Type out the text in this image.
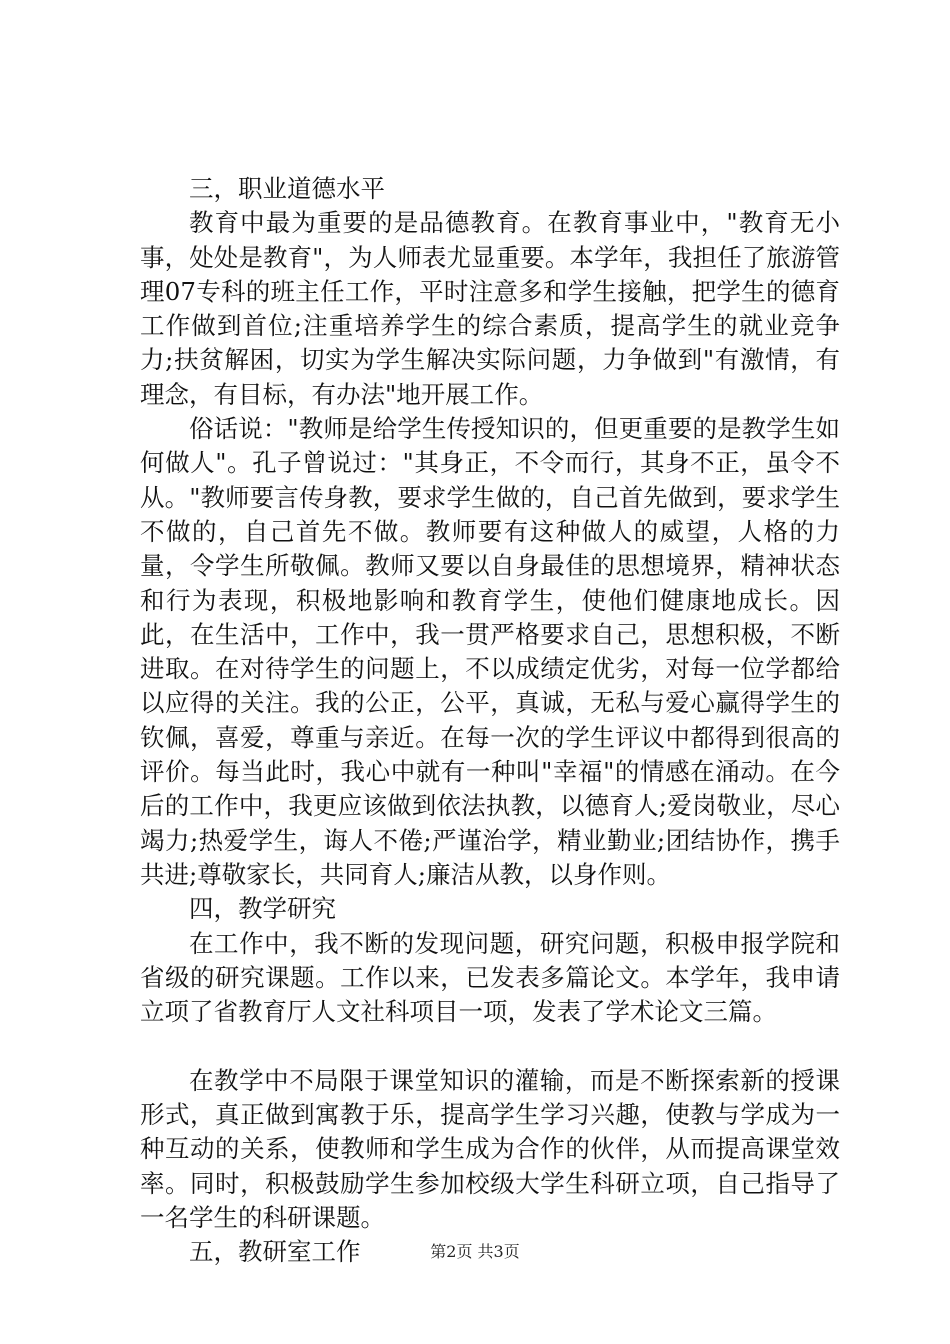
三，职业道德水平

教育中最为重要的是品德教育。在教育事业中，"教育无小事，处处是教育"，为人师表尤显重要。本学年，我担任了旅游管理07专科的班主任工作，平时注意多和学生接触，把学生的德育工作做到首位;注重培养学生的综合素质，提高学生的就业竞争力;扶贫解困，切实为学生解决实际问题，力争做到"有激情，有理念，有目标，有办法"地开展工作。

俗话说："教师是给学生传授知识的，但更重要的是教学生如何做人"。孔子曾说过："其身正，不令而行，其身不正，虽令不从。"教师要言传身教，要求学生做的，自己首先做到，要求学生不做的，自己首先不做。教师要有这种做人的威望，人格的力量，令学生所敬佩。教师又要以自身最佳的思想境界，精神状态和行为表现，积极地影响和教育学生，使他们健康地成长。因此，在生活中，工作中，我一贯严格要求自己，思想积极，不断进取。在对待学生的问题上，不以成绩定优劣，对每一位学都给以应得的关注。我的公正，公平，真诚，无私与爱心赢得学生的钦佩，喜爱，尊重与亲近。在每一次的学生评议中都得到很高的评价。每当此时，我心中就有一种叫"幸福"的情感在涌动。在今后的工作中，我更应该做到依法执教，以德育人;爱岗敬业，尽心竭力;热爱学生，诲人不倦;严谨治学，精业勤业;团结协作，携手共进;尊敬家长，共同育人;廉洁从教，以身作则。

四，教学研究

在工作中，我不断的发现问题，研究问题，积极申报学院和省级的研究课题。工作以来，已发表多篇论文。本学年，我申请立项了省教育厅人文社科项目一项，发表了学术论文三篇。

在教学中不局限于课堂知识的灌输，而是不断探索新的授课形式，真正做到寓教于乐，提高学生学习兴趣，使教与学成为一种互动的关系，使教师和学生成为合作的伙伴，从而提高课堂效率。同时，积极鼓励学生参加校级大学生科研立项，自己指导了一名学生的科研课题。

五，教研室工作	第2页 共3页
